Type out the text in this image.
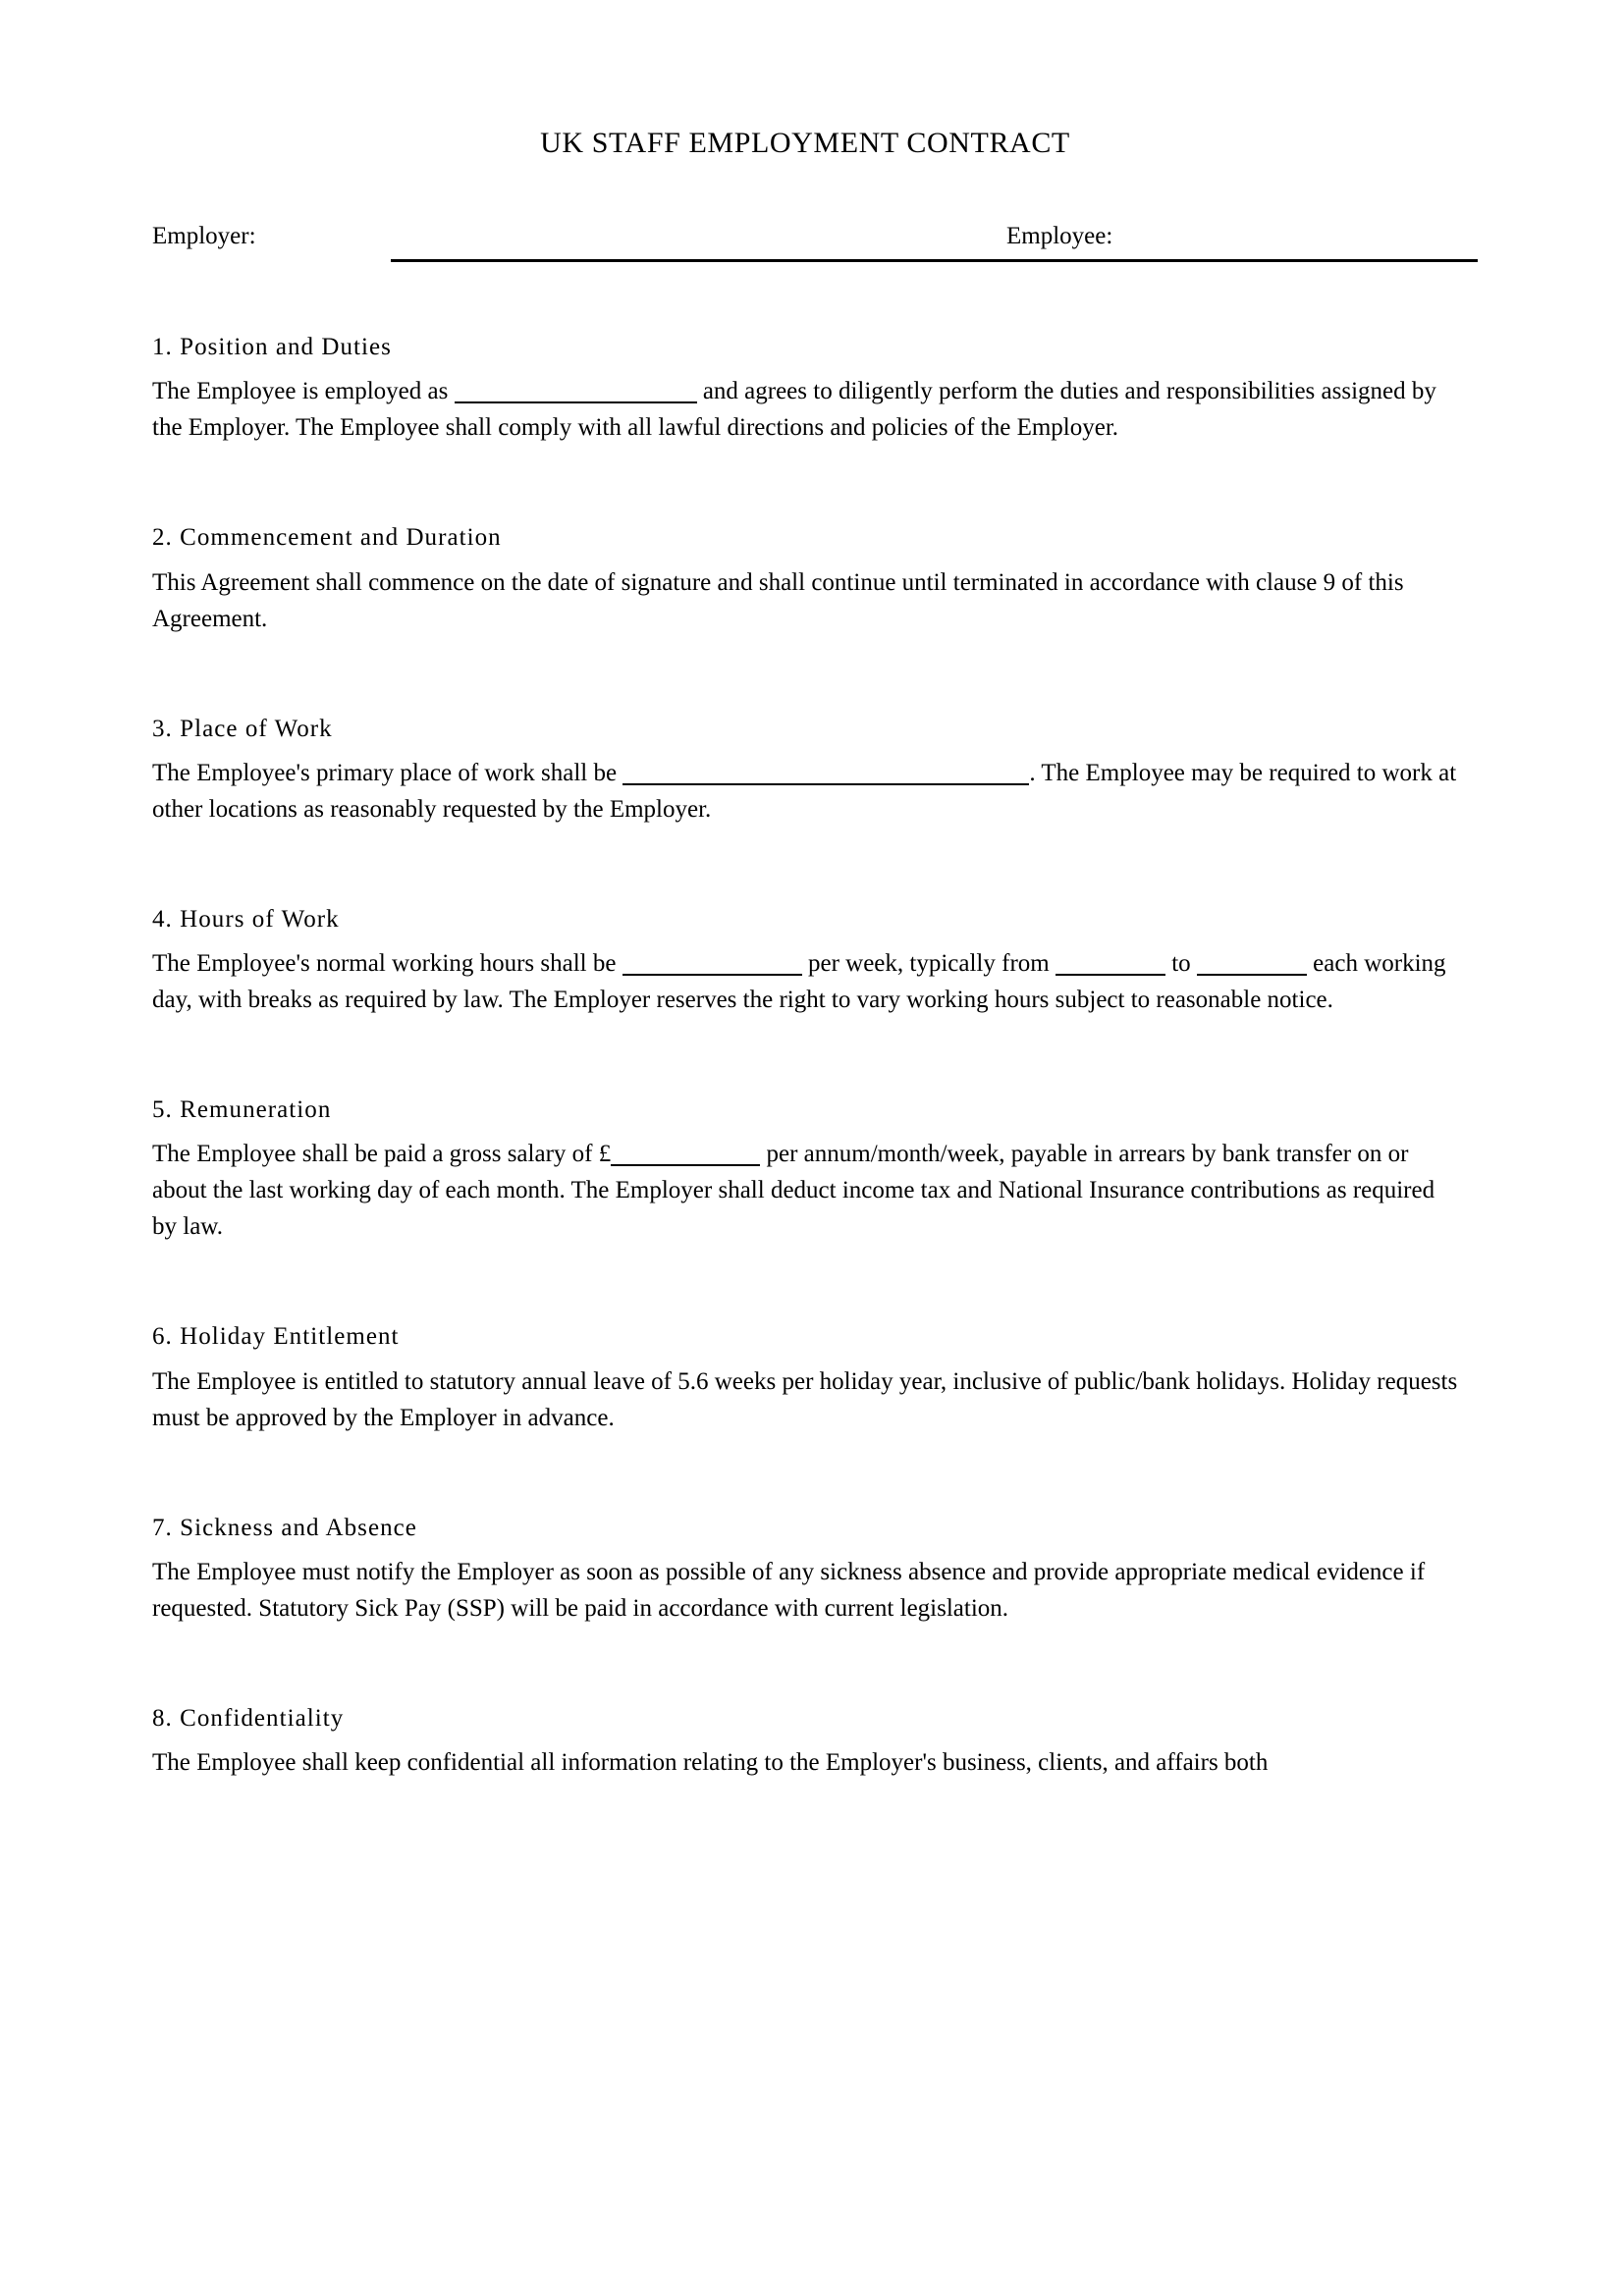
UK STAFF EMPLOYMENT CONTRACT
Employer:	Employee:
1. Position and Duties

The Employee is employed as	and agrees to diligently perform the duties and responsibilities assigned by the Employer. The Employee shall comply with all lawful directions and policies of the Employer.

2. Commencement and Duration

This Agreement shall commence on the date of signature and shall continue until terminated in accordance with clause 9 of this Agreement.

3. Place of Work

The Employee's primary place of work shall be	. The Employee may be required to work at other locations as reasonably requested by the Employer.

4. Hours of Work

The Employee's normal working hours shall be	per week, typically from	to	each working day, with breaks as required by law. The Employer reserves the right to vary working hours subject to reasonable notice.

5. Remuneration

The Employee shall be paid a gross salary of £	per annum/month/week, payable in arrears by bank transfer on or about the last working day of each month. The Employer shall deduct income tax and National Insurance contributions as required by law.

6. Holiday Entitlement

The Employee is entitled to statutory annual leave of 5.6 weeks per holiday year, inclusive of public/bank holidays. Holiday requests must be approved by the Employer in advance.

7. Sickness and Absence

The Employee must notify the Employer as soon as possible of any sickness absence and provide appropriate medical evidence if requested. Statutory Sick Pay (SSP) will be paid in accordance with current legislation.

8. Confidentiality

The Employee shall keep confidential all information relating to the Employer's business, clients, and affairs both
